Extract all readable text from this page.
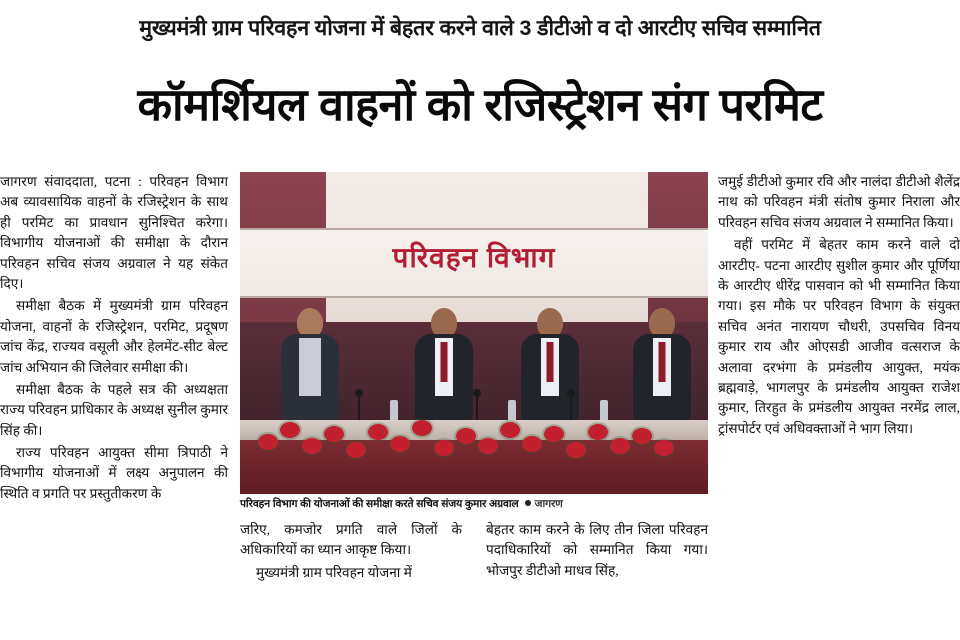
मुख्यमंत्री ग्राम परिवहन योजना में बेहतर करने वाले 3 डीटीओ व दो आरटीए सचिव सम्मानित
कॉमर्शियल वाहनों को रजिस्ट्रेशन संग परमिट

जागरण संवाददाता, पटना : परिवहन विभाग अब व्यावसायिक वाहनों के रजिस्ट्रेशन के साथ ही परमिट का प्रावधान सुनिश्चित करेगा। विभागीय योजनाओं की समीक्षा के दौरान परिवहन सचिव संजय अग्रवाल ने यह संकेत दिए।

समीक्षा बैठक में मुख्यमंत्री ग्राम परिवहन योजना, वाहनों के रजिस्ट्रेशन, परमिट, प्रदूषण जांच केंद्र, राज्यव वसूली और हेलमेंट-सीट बेल्ट जांच अभियान की जिलेवार समीक्षा की।

समीक्षा बैठक के पहले सत्र की अध्यक्षता राज्य परिवहन प्राधिकार के अध्यक्ष सुनील कुमार सिंह की।

राज्य परिवहन आयुक्त सीमा त्रिपाठी ने विभागीय योजनाओं में लक्ष्य अनुपालन की स्थिति व प्रगति पर प्रस्तुतीकरण के

परिवहन विभाग
परिवहन विभाग की योजनाओं की समीक्षा करते सचिव संजय कुमार अग्रवाल जागरण

जरिए, कमजोर प्रगति वाले जिलों के अधिकारियों का ध्यान आकृष्ट किया।

मुख्यमंत्री ग्राम परिवहन योजना में

बेहतर काम करने के लिए तीन जिला परिवहन पदाधिकारियों को सम्मानित किया गया। भोजपुर डीटीओ माधव सिंह,

जमुई डीटीओ कुमार रवि और नालंदा डीटीओ शैलेंद्र नाथ को परिवहन मंत्री संतोष कुमार निराला और परिवहन सचिव संजय अग्रवाल ने सम्मानित किया।

वहीं परमिट में बेहतर काम करने वाले दो आरटीए- पटना आरटीए सुशील कुमार और पूर्णिया के आरटीए धीरेंद्र पासवान को भी सम्मानित किया गया। इस मौके पर परिवहन विभाग के संयुक्त सचिव अनंत नारायण चौधरी, उपसचिव विनय कुमार राय और ओएसडी आजीव वत्सराज के अलावा दरभंगा के प्रमंडलीय आयुक्त, मयंक ब्रह्मवाड़े, भागलपुर के प्रमंडलीय आयुक्त राजेश कुमार, तिरहुत के प्रमंडलीय आयुक्त नरमेंद्र लाल, ट्रांसपोर्टर एवं अधिवक्ताओं ने भाग लिया।
